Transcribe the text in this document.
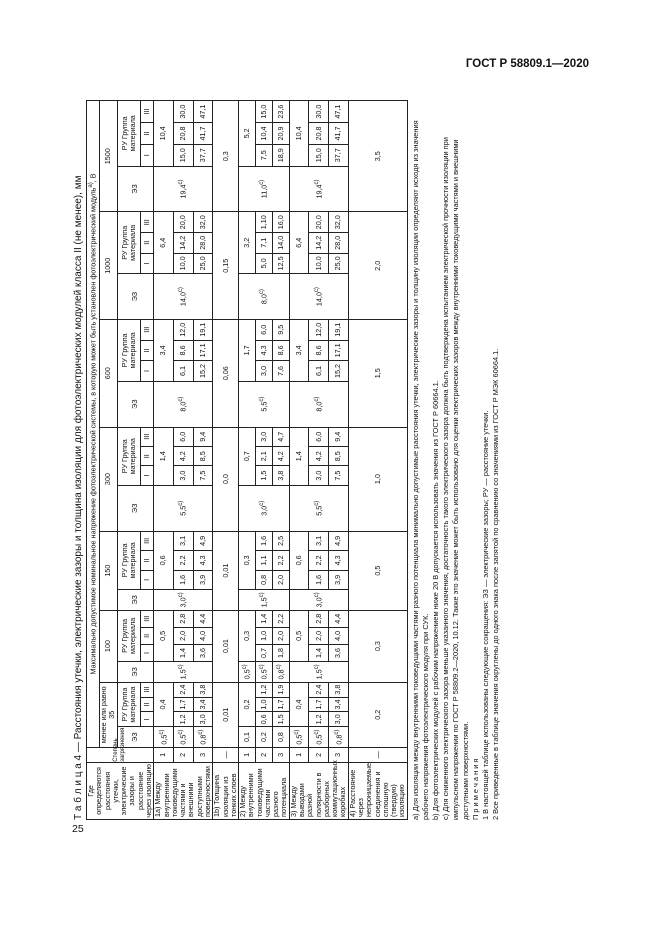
ГОСТ Р 58809.1—2020
Т а б л и ц а 4 — Расстояния утечки, электрические зазоры и толщина изоляции для фотоэлектрических модулей класса II (не менее), мм Где определяются расстояния утечки, электрические зазоры и расстояние через изоляцию	Степень загрязнения	Максимально допустимое номинальное напряжение фотоэлектрической системы, в которую может быть установлен фотоэлектрический модуль$^{a)}$, В																											
		менее или равно 35				100				150				300				600				1000				1500			
		ЭЗ	РУ Группа материала			ЭЗ	РУ Группа материала			ЭЗ	РУ Группа материала			ЭЗ	РУ Группа материала			ЭЗ	РУ Группа материала			ЭЗ	РУ Группа материала			ЭЗ	РУ Группа материала		
			I	II	III		I	II	III		I	II	III		I	II	III		I	II	III		I	II	III		I	II	III
1a) Между внутренними токоведущими частями и внешними доступными поверхностями	1	0,5$^{c)}$	0,4			1,5$^{c)}$	0,5			3,0$^{c)}$	0,6			5,5$^{c)}$	1,4			8,0$^{c)}$	3,4			14,0$^{c)}$	6,4			19,4$^{c)}$	10,4		
	2	0,5$^{c)}$	1,2	1,7	2,4		1,4	2,0	2,8		1,6	2,2	3,1		3,0	4,2	6,0		6,1	8,6	12,0		10,0	14,2	20,0		15,0	20,8	30,0
	3	0,8$^{c)}$	3,0	3,4	3,8		3,6	4,0	4,4		3,9	4,3	4,9		7,5	8,5	9,4		15,2	17,1	19,1		25,0	28,0	32,0		37,7	41,7	47,1
1b) Толщина изоляции из тонких слоев	—	0,01				0,01				0,01				0,0				0,06				0,15				0,3			
2) Между внутренними токоведущими частями разного потенциала	1	0,1	0,2			0,5$^{c)}$	0,3			1,5$^{c)}$	0,3			3,0$^{c)}$	0,7			5,5$^{c)}$	1,7			8,0$^{c)}$	3,2			11,0$^{c)}$	5,2		
	2	0,2	0,6	1,0	1,2	0,5$^{c)}$	0,7	1,0	1,4		0,8	1,1	1,6		1,5	2,1	3,0		3,0	4,3	6,0		5,0	7,1	1,10		7,5	10,4	15,0
	3	0,8	1,5	1,7	1,9	0,8$^{c)}$	1,8	2,0	2,2		2,0	2,2	2,5		3,8	4,2	4,7		7,6	8,6	9,5		12,5	14,0	16,0		18,9	20,9	23,6
3) Между выводами разной полярности в разборных коммутационных коробках	1	0,5$^{c)}$	0,4			1,5$^{c)}$	0,5			3,0$^{c)}$	0,6			5,5$^{c)}$	1,4			8,0$^{c)}$	3,4			14,0$^{c)}$	6,4			19,4$^{c)}$	10,4		
	2	0,5$^{c)}$	1,2	1,7	2,4		1,4	2,0	2,8		1,6	2,2	3,1		3,0	4,2	6,0		6,1	8,6	12,0		10,0	14,2	20,0		15,0	20,8	30,0
	3	0,8$^{c)}$	3,0	3,4	3,8		3,6	4,0	4,4		3,9	4,3	4,9		7,5	8,5	9,4		15,2	17,1	19,1		25,0	28,0	32,0		37,7	41,7	47,1
4) Расстояние через непроницаемые соединения и сплошную (твердую) изоляцию	—	0,2				0,3				0,5				1,0				1,5				2,0				3,5				a) Для изоляции между внутренними токоведущими частями разного потенциала минимально допустимые расстояния утечки, электрические зазоры и толщину изоляции определяют исходя из значения рабочего напряжения фотоэлектрического модуля при СУК. b) Для фотоэлектрических модулей с рабочим напряжением ниже 20 В допускается использовать значения из ГОСТ Р 60664.1. c) Для сниженного электрического зазора меньше указанного значения, достаточность такого электрического зазора должна быть подтверждена испытанием электрической прочности изоляции при импульсном напряжении по ГОСТ Р 58809.2—2020, 10.12. Также это значение может быть использовано для оценки электрических зазоров между внутренними токоведущими частями и внешними доступными поверхностями. П р и м е ч а н и я 1 В настоящей таблице использованы следующие сокращения: ЭЗ — электрические зазоры; РУ — расстояние утечки. 2 Все приведенные в таблице значения округлены до одного знака после запятой по сравнению со значениями из ГОСТ Р МЭК 60664.1.

25
